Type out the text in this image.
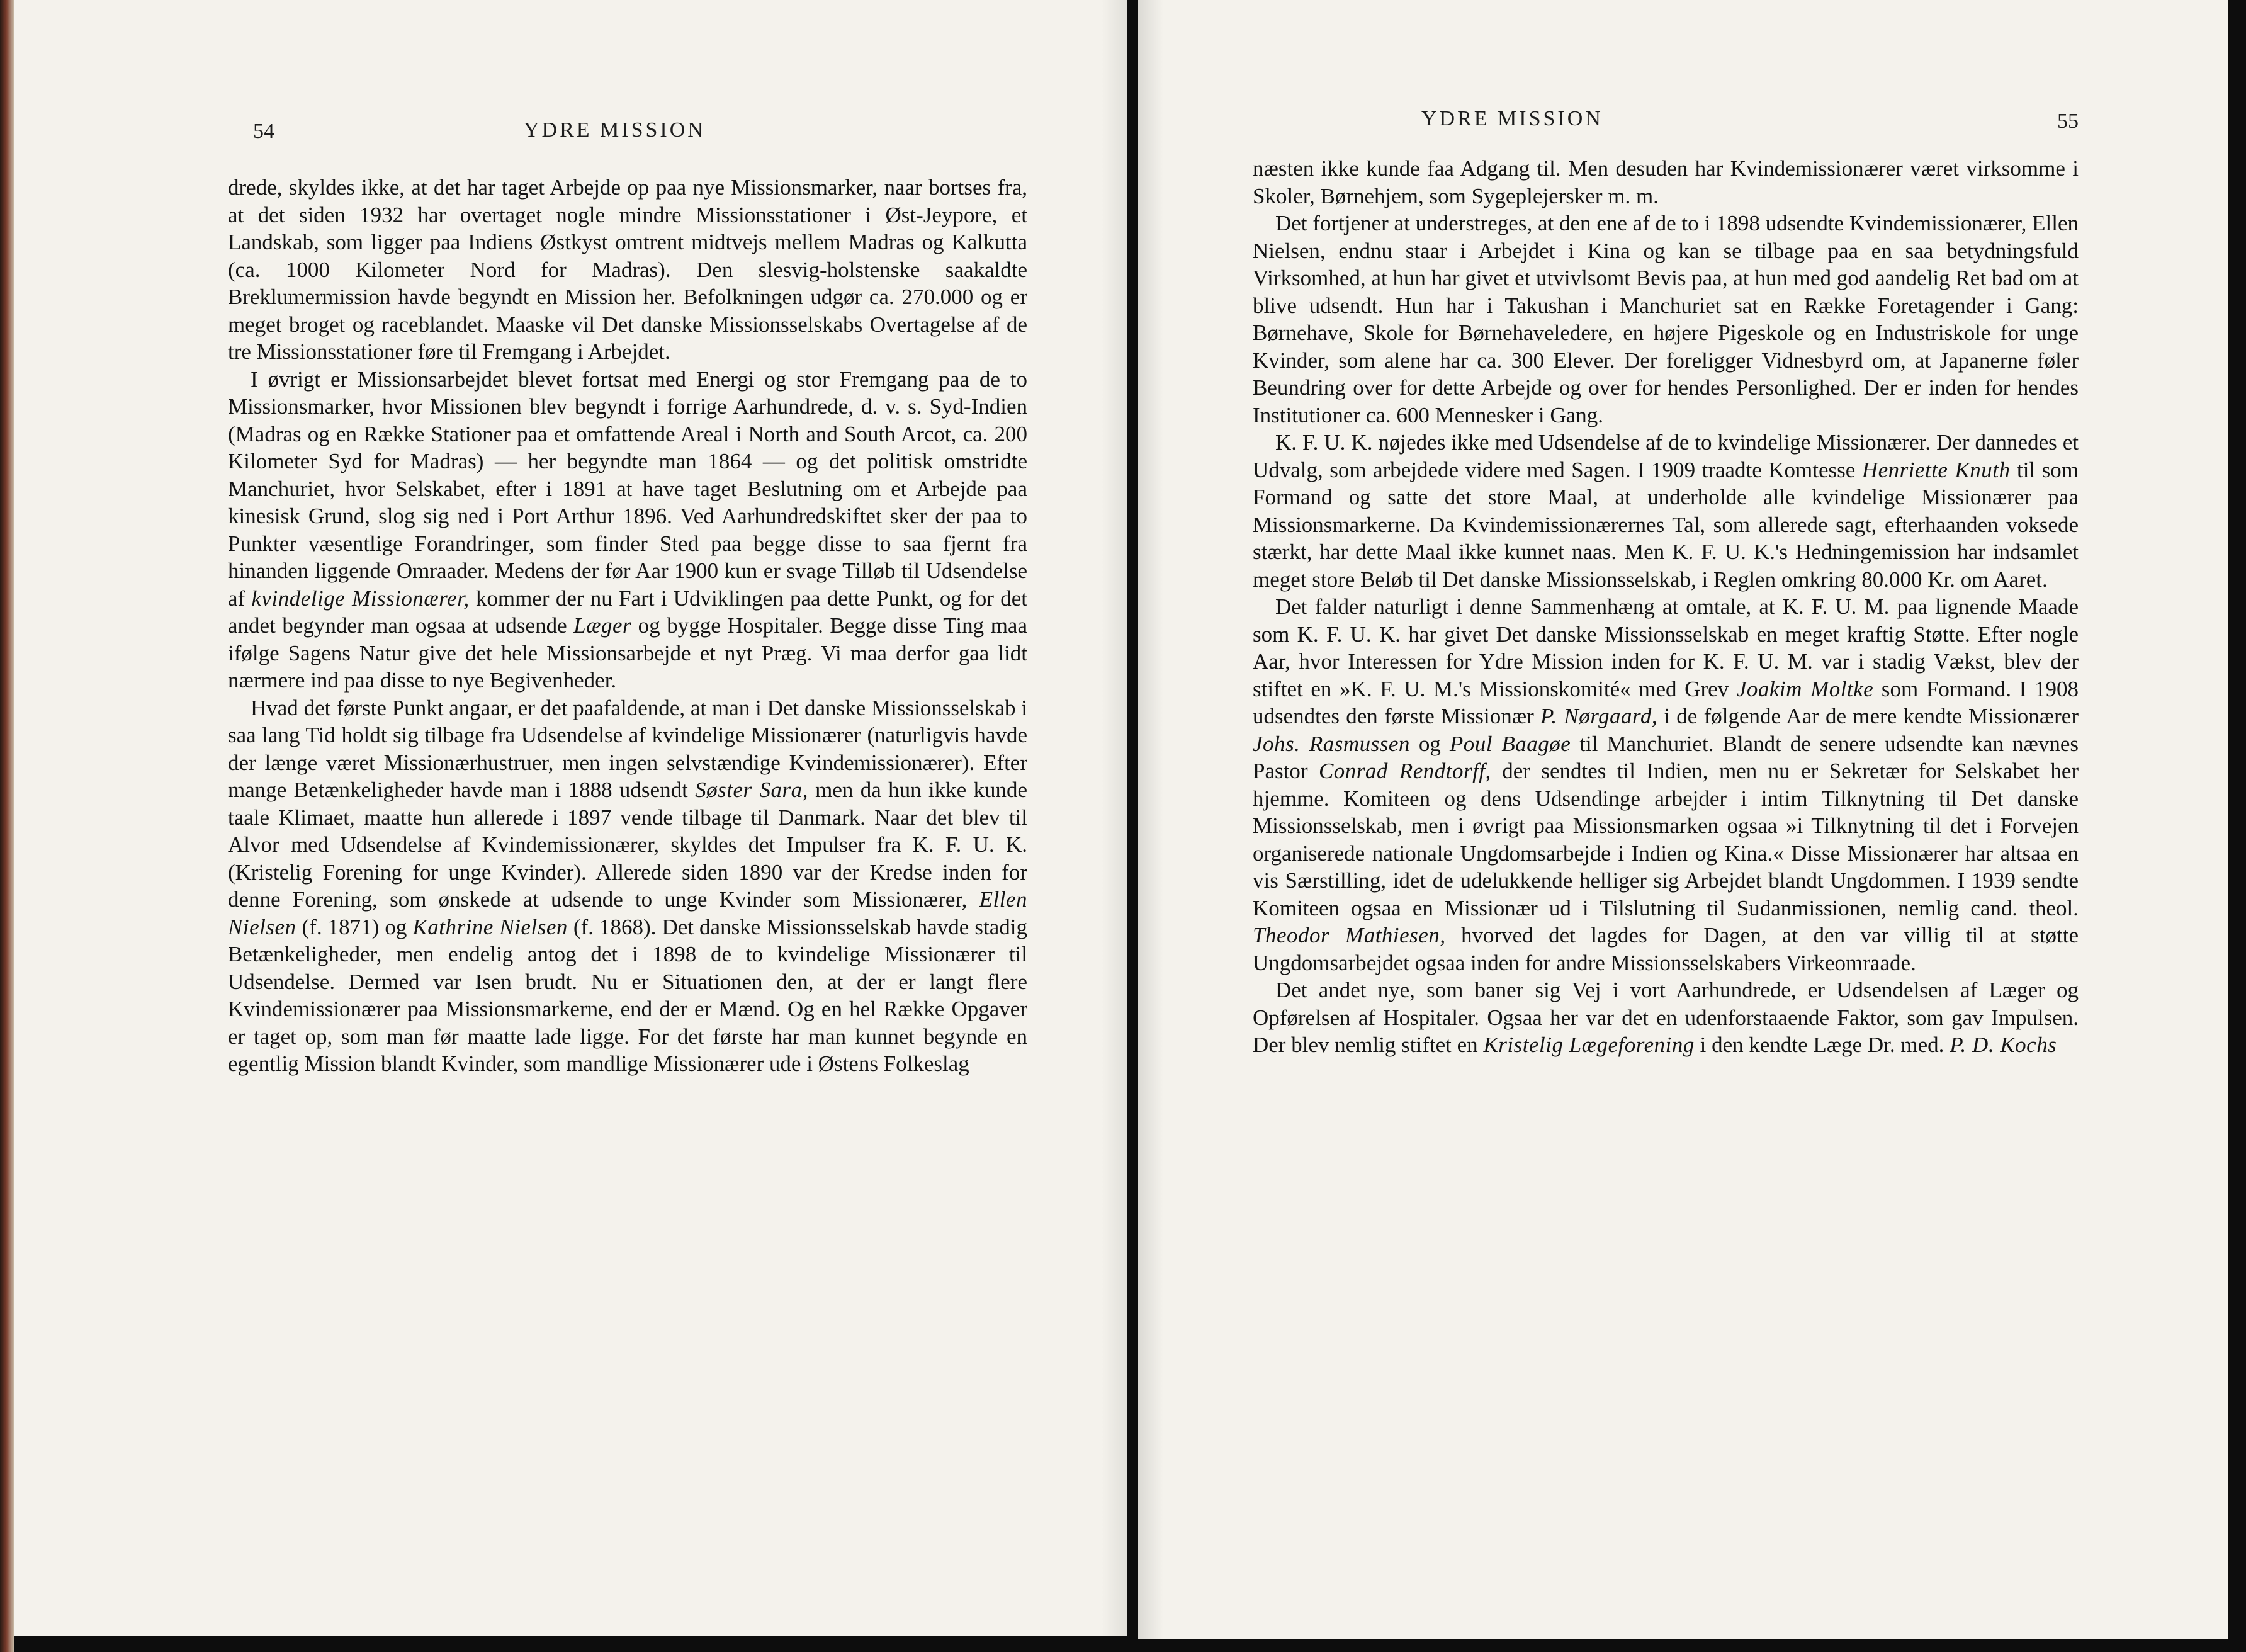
54	YDRE MISSION

drede, skyldes ikke, at det har taget Arbejde op paa nye Missionsmarker, naar bortses fra, at det siden 1932 har overtaget nogle mindre Missionsstationer i Øst-Jeypore, et Landskab, som ligger paa Indiens Østkyst omtrent midtvejs mellem Madras og Kalkutta (ca. 1000 Kilometer Nord for Madras). Den slesvig-holstenske saakaldte Breklumermission havde begyndt en Mission her. Befolkningen udgør ca. 270.000 og er meget broget og raceblandet. Maaske vil Det danske Missionsselskabs Overtagelse af de tre Missionsstationer føre til Fremgang i Arbejdet.

I øvrigt er Missionsarbejdet blevet fortsat med Energi og stor Fremgang paa de to Missionsmarker, hvor Missionen blev begyndt i forrige Aarhundrede, d. v. s. Syd-Indien (Madras og en Række Stationer paa et omfattende Areal i North and South Arcot, ca. 200 Kilometer Syd for Madras) — her begyndte man 1864 — og det politisk omstridte Manchuriet, hvor Selskabet, efter i 1891 at have taget Beslutning om et Arbejde paa kinesisk Grund, slog sig ned i Port Arthur 1896. Ved Aarhundredskiftet sker der paa to Punkter væsentlige Forandringer, som finder Sted paa begge disse to saa fjernt fra hinanden liggende Omraader. Medens der før Aar 1900 kun er svage Tilløb til Udsendelse af kvindelige Missionærer, kommer der nu Fart i Udviklingen paa dette Punkt, og for det andet begynder man ogsaa at udsende Læger og bygge Hospitaler. Begge disse Ting maa ifølge Sagens Natur give det hele Missionsarbejde et nyt Præg. Vi maa derfor gaa lidt nærmere ind paa disse to nye Begivenheder.

Hvad det første Punkt angaar, er det paafaldende, at man i Det danske Missionsselskab i saa lang Tid holdt sig tilbage fra Udsendelse af kvindelige Missionærer (naturligvis havde der længe været Missionærhustruer, men ingen selvstændige Kvindemissionærer). Efter mange Betænkeligheder havde man i 1888 udsendt Søster Sara, men da hun ikke kunde taale Klimaet, maatte hun allerede i 1897 vende tilbage til Danmark. Naar det blev til Alvor med Udsendelse af Kvindemissionærer, skyldes det Impulser fra K. F. U. K. (Kristelig Forening for unge Kvinder). Allerede siden 1890 var der Kredse inden for denne Forening, som ønskede at udsende to unge Kvinder som Missionærer, Ellen Nielsen (f. 1871) og Kathrine Nielsen (f. 1868). Det danske Missionsselskab havde stadig Betænkeligheder, men endelig antog det i 1898 de to kvindelige Missionærer til Udsendelse. Dermed var Isen brudt. Nu er Situationen den, at der er langt flere Kvindemissionærer paa Missionsmarkerne, end der er Mænd. Og en hel Række Opgaver er taget op, som man før maatte lade ligge. For det første har man kunnet begynde en egentlig Mission blandt Kvinder, som mandlige Missionærer ude i Østens Folkeslag

YDRE MISSION	55

næsten ikke kunde faa Adgang til. Men desuden har Kvindemissionærer været virksomme i Skoler, Børnehjem, som Sygeplejersker m. m.

Det fortjener at understreges, at den ene af de to i 1898 udsendte Kvindemissionærer, Ellen Nielsen, endnu staar i Arbejdet i Kina og kan se tilbage paa en saa betydningsfuld Virksomhed, at hun har givet et utvivlsomt Bevis paa, at hun med god aandelig Ret bad om at blive udsendt. Hun har i Takushan i Manchuriet sat en Række Foretagender i Gang: Børnehave, Skole for Børnehaveledere, en højere Pigeskole og en Industriskole for unge Kvinder, som alene har ca. 300 Elever. Der foreligger Vidnesbyrd om, at Japanerne føler Beundring over for dette Arbejde og over for hendes Personlighed. Der er inden for hendes Institutioner ca. 600 Mennesker i Gang.

K. F. U. K. nøjedes ikke med Udsendelse af de to kvindelige Missionærer. Der dannedes et Udvalg, som arbejdede videre med Sagen. I 1909 traadte Komtesse Henriette Knuth til som Formand og satte det store Maal, at underholde alle kvindelige Missionærer paa Missionsmarkerne. Da Kvindemissionærernes Tal, som allerede sagt, efterhaanden voksede stærkt, har dette Maal ikke kunnet naas. Men K. F. U. K.'s Hedningemission har indsamlet meget store Beløb til Det danske Missionsselskab, i Reglen omkring 80.000 Kr. om Aaret.

Det falder naturligt i denne Sammenhæng at omtale, at K. F. U. M. paa lignende Maade som K. F. U. K. har givet Det danske Missionsselskab en meget kraftig Støtte. Efter nogle Aar, hvor Interessen for Ydre Mission inden for K. F. U. M. var i stadig Vækst, blev der stiftet en »K. F. U. M.'s Missionskomité« med Grev Joakim Moltke som Formand. I 1908 udsendtes den første Missionær P. Nørgaard, i de følgende Aar de mere kendte Missionærer Johs. Rasmussen og Poul Baagøe til Manchuriet. Blandt de senere udsendte kan nævnes Pastor Conrad Rendtorff, der sendtes til Indien, men nu er Sekretær for Selskabet her hjemme. Komiteen og dens Udsendinge arbejder i intim Tilknytning til Det danske Missionsselskab, men i øvrigt paa Missionsmarken ogsaa »i Tilknytning til det i Forvejen organiserede nationale Ungdomsarbejde i Indien og Kina.« Disse Missionærer har altsaa en vis Særstilling, idet de udelukkende helliger sig Arbejdet blandt Ungdommen. I 1939 sendte Komiteen ogsaa en Missionær ud i Tilslutning til Sudanmissionen, nemlig cand. theol. Theodor Mathiesen, hvorved det lagdes for Dagen, at den var villig til at støtte Ungdomsarbejdet ogsaa inden for andre Missionsselskabers Virkeomraade.

Det andet nye, som baner sig Vej i vort Aarhundrede, er Udsendelsen af Læger og Opførelsen af Hospitaler. Ogsaa her var det en udenforstaaende Faktor, som gav Impulsen. Der blev nemlig stiftet en Kristelig Lægeforening i den kendte Læge Dr. med. P. D. Kochs
